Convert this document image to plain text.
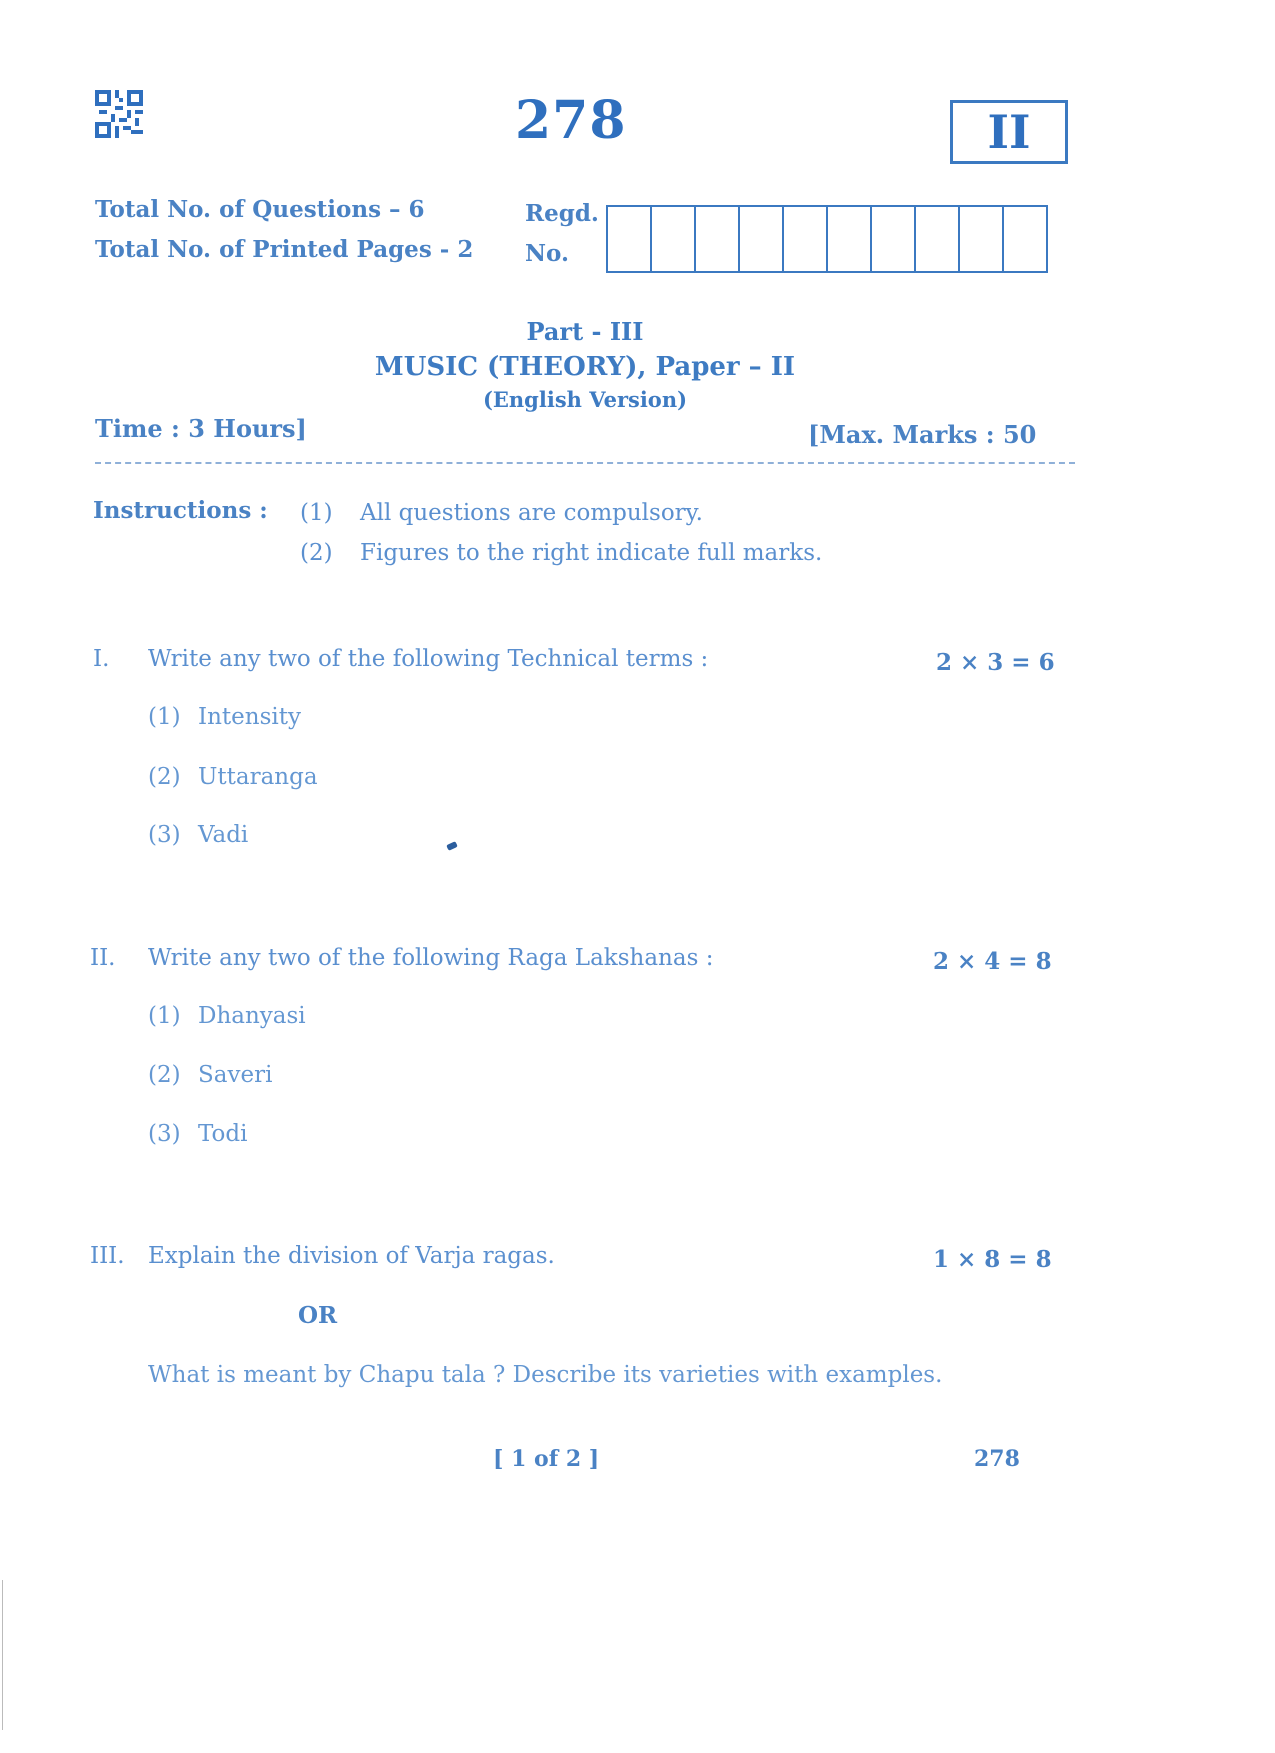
278	II
Total No. of Questions – 6
Total No. of Printed Pages - 2
Regd.
No.
Part - III
MUSIC (THEORY), Paper – II
(English Version)
Time : 3 Hours]	[Max. Marks : 50
Instructions : (1) All questions are compulsory.
(2) Figures to the right indicate full marks.
I. Write any two of the following Technical terms :	2 × 3 = 6
(1) Intensity
(2) Uttaranga
(3) Vadi
II. Write any two of the following Raga Lakshanas :	2 × 4 = 8
(1) Dhanyasi
(2) Saveri
(3) Todi
III. Explain the division of Varja ragas.	1 × 8 = 8
OR
What is meant by Chapu tala ? Describe its varieties with examples.
[ 1 of 2 ]	278
